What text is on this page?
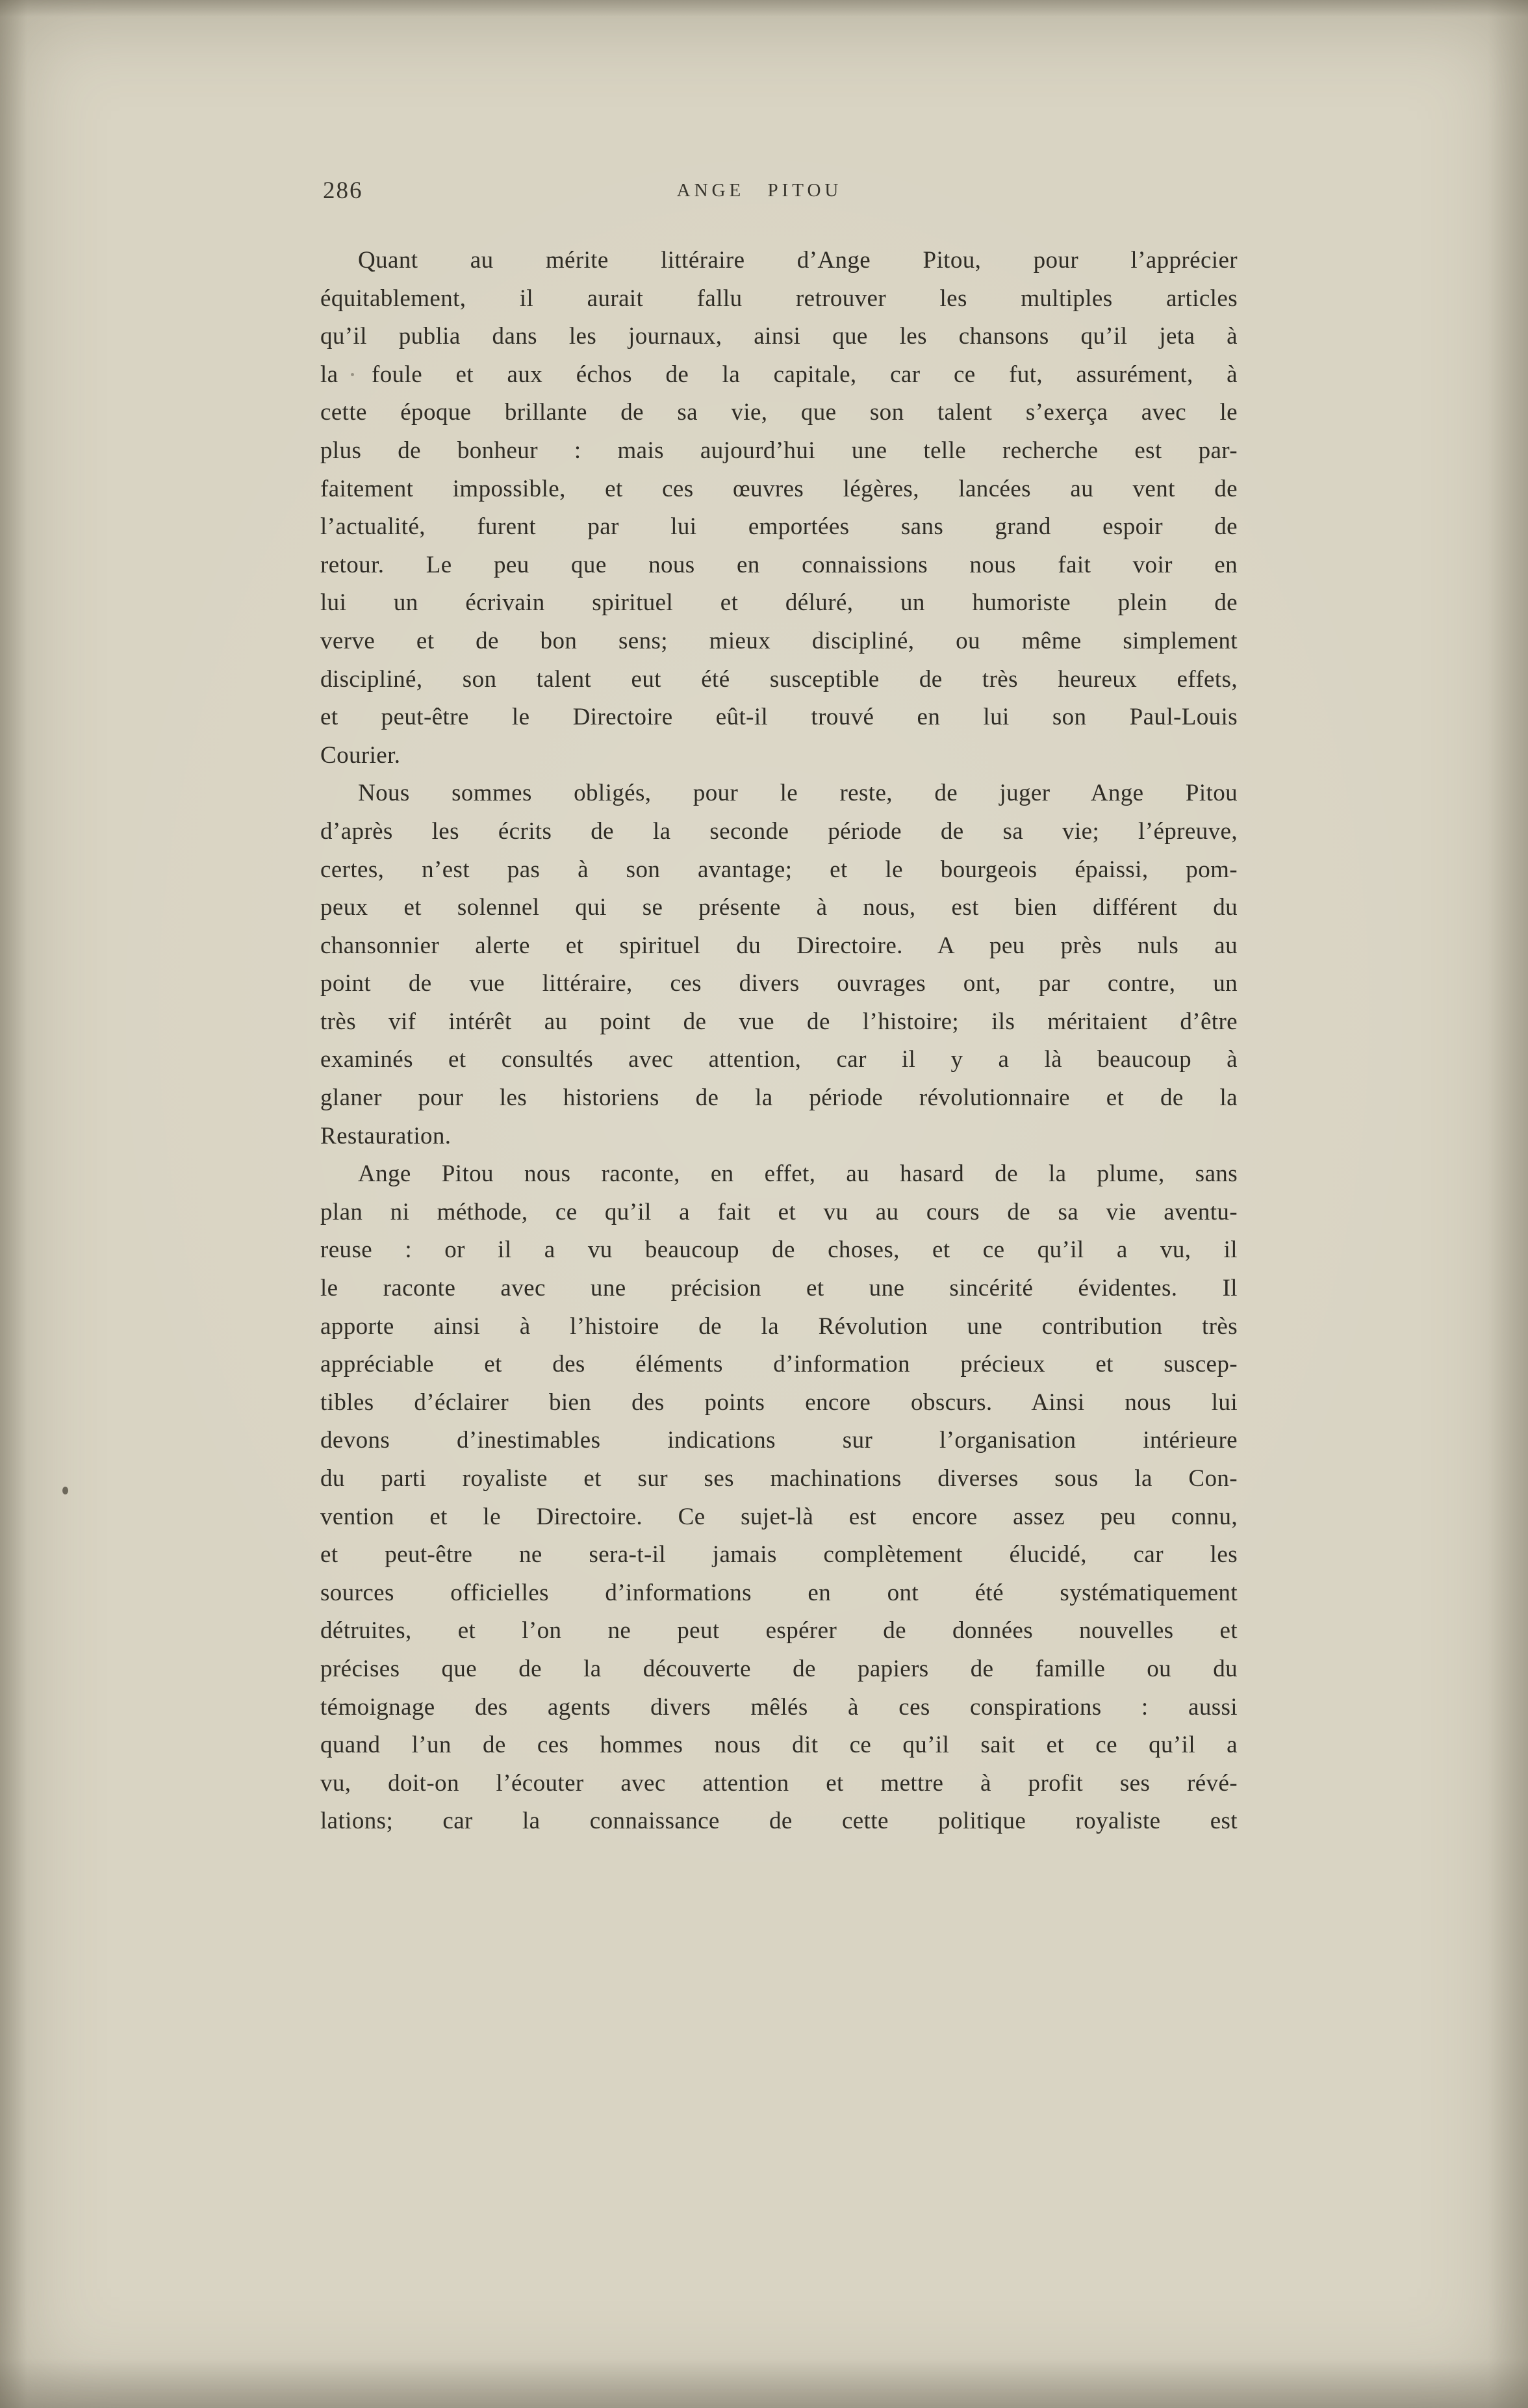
286	ANGE PITOU
Quant au mérite littéraire d’Ange Pitou, pour l’apprécier
équitablement, il aurait fallu retrouver les multiples articles
qu’il publia dans les journaux, ainsi que les chansons qu’il jeta à
la foule et aux échos de la capitale, car ce fut, assurément, à
cette époque brillante de sa vie, que son talent s’exerça avec le
plus de bonheur : mais aujourd’hui une telle recherche est par-
faitement impossible, et ces œuvres légères, lancées au vent de
l’actualité, furent par lui emportées sans grand espoir de
retour. Le peu que nous en connaissions nous fait voir en
lui un écrivain spirituel et déluré, un humoriste plein de
verve et de bon sens; mieux discipliné, ou même simplement
discipliné, son talent eut été susceptible de très heureux effets,
et peut-être le Directoire eût-il trouvé en lui son Paul-Louis
Courier.
Nous sommes obligés, pour le reste, de juger Ange Pitou
d’après les écrits de la seconde période de sa vie; l’épreuve,
certes, n’est pas à son avantage; et le bourgeois épaissi, pom-
peux et solennel qui se présente à nous, est bien différent du
chansonnier alerte et spirituel du Directoire. A peu près nuls au
point de vue littéraire, ces divers ouvrages ont, par contre, un
très vif intérêt au point de vue de l’histoire; ils méritaient d’être
examinés et consultés avec attention, car il y a là beaucoup à
glaner pour les historiens de la période révolutionnaire et de la
Restauration.
Ange Pitou nous raconte, en effet, au hasard de la plume, sans
plan ni méthode, ce qu’il a fait et vu au cours de sa vie aventu-
reuse : or il a vu beaucoup de choses, et ce qu’il a vu, il
le raconte avec une précision et une sincérité évidentes. Il
apporte ainsi à l’histoire de la Révolution une contribution très
appréciable et des éléments d’information précieux et suscep-
tibles d’éclairer bien des points encore obscurs. Ainsi nous lui
devons d’inestimables indications sur l’organisation intérieure
du parti royaliste et sur ses machinations diverses sous la Con-
vention et le Directoire. Ce sujet-là est encore assez peu connu,
et peut-être ne sera-t-il jamais complètement élucidé, car les
sources officielles d’informations en ont été systématiquement
détruites, et l’on ne peut espérer de données nouvelles et
précises que de la découverte de papiers de famille ou du
témoignage des agents divers mêlés à ces conspirations : aussi
quand l’un de ces hommes nous dit ce qu’il sait et ce qu’il a
vu, doit-on l’écouter avec attention et mettre à profit ses révé-
lations; car la connaissance de cette politique royaliste est
